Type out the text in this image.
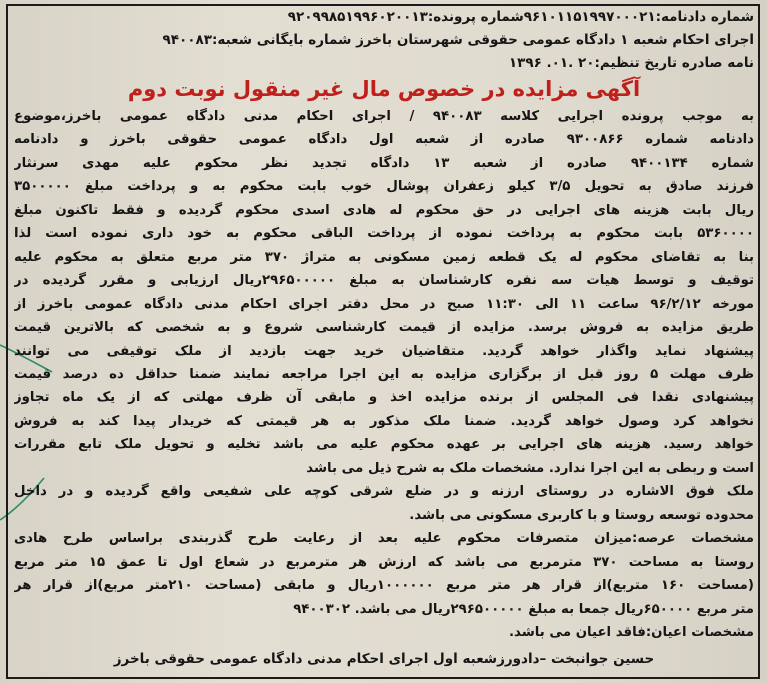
شماره دادنامه:۹۶۱۰۱۱۵۱۹۹۷۰۰۰۲۱شماره پرونده:۹۲۰۹۹۸۵۱۹۹۶۰۲۰۰۱۳
اجرای احکام شعبه ۱ دادگاه عمومی حقوقی شهرستان باخرز شماره بایگانی شعبه:۹۴۰۰۸۳
نامه صادره تاریخ تنظیم:۲۰ .۰۱. ۱۳۹۶
آگهی مزایده در خصوص مال غیر منقول نوبت دوم
به موجب پرونده اجرایی کلاسه ۹۴۰۰۸۳ / اجرای احکام مدنی دادگاه عمومی باخرز،موضوع
دادنامه شماره ۹۳۰۰۸۶۶ صادره از شعبه اول دادگاه عمومی حقوقی باخرز و دادنامه
شماره ۹۴۰۰۱۳۴ صادره از شعبه ۱۳ دادگاه تجدید نظر محکوم علیه مهدی سرنثار
فرزند صادق به تحویل ۳/۵ کیلو زعفران پوشال خوب بابت محکوم به و پرداخت مبلغ ۳۵۰۰۰۰۰
ریال بابت هزینه های اجرایی در حق محکوم له هادی اسدی محکوم گردیده و فقط تاکنون مبلغ
۵۳۶۰۰۰۰ بابت محکوم به پرداخت نموده از پرداخت الباقی محکوم به خود داری نموده است لذا
بنا به تقاضای محکوم له یک قطعه زمین مسکونی به متراژ ۳۷۰ متر مربع متعلق به محکوم علیه
توقیف و توسط هیات سه نفره کارشناسان به مبلغ ۲۹۶۵۰۰۰۰۰ریال ارزیابی و مقرر گردیده در
مورخه ۹۶/۲/۱۲ ساعت ۱۱ الی ۱۱:۳۰ صبح در محل دفتر اجرای احکام مدنی دادگاه عمومی باخرز از
طریق مزایده به فروش برسد. مزایده از قیمت کارشناسی شروع و به شخصی که بالاترین قیمت
پیشنهاد نماید واگذار خواهد گردید. متقاضیان خرید جهت بازدید از ملک توقیفی می توانند
ظرف مهلت ۵ روز قبل از برگزاری مزایده به این اجرا مراجعه نمایند ضمنا حداقل ده درصد قیمت
پیشنهادی نقدا فی المجلس از برنده مزایده اخذ و مابقی آن ظرف مهلتی که از یک ماه تجاوز
نخواهد کرد وصول خواهد گردید. ضمنا ملک مذکور به هر قیمتی که خریدار پیدا کند به فروش
خواهد رسید. هزینه های اجرایی بر عهده محکوم علیه می باشد تخلیه و تحویل ملک تابع مقررات
است و ربطی به این اجرا ندارد. مشخصات ملک به شرح ذیل می باشد
ملک فوق الاشاره در روستای ارزنه و در ضلع شرقی کوچه علی شفیعی واقع گردیده و در داخل
محدوده توسعه روستا و با کاربری مسکونی می باشد.
مشخصات عرصه:میزان متصرفات محکوم علیه بعد از رعایت طرح گذربندی براساس طرح هادی
روستا به مساحت ۳۷۰ مترمربع می باشد که ارزش هر مترمربع در شعاع اول تا عمق ۱۵ متر مربع
(مساحت ۱۶۰ متربع)از قرار هر متر مربع ۱۰۰۰۰۰۰ریال و مابقی (مساحت ۲۱۰متر مربع)از قرار هر
متر مربع ۶۵۰۰۰۰ریال جمعا به مبلغ ۲۹۶۵۰۰۰۰۰ریال می باشد. ۹۴۰۰۳۰۲
مشخصات اعیان:فاقد اعیان می باشد.
حسین جوانبخت –دادورزشعبه اول اجرای احکام مدنی دادگاه عمومی حقوقی باخرز
